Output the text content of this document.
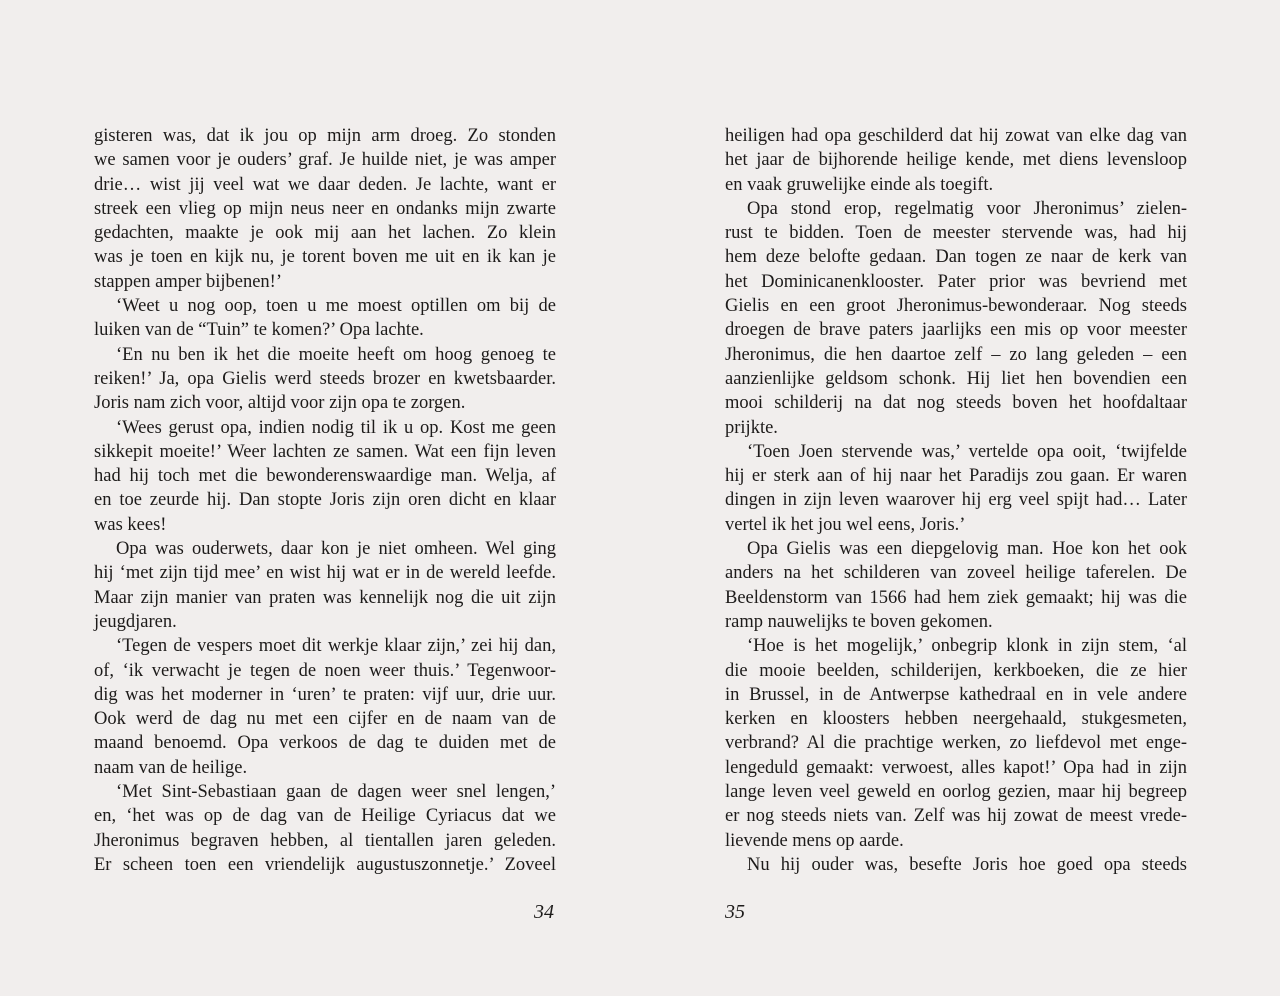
gisteren was, dat ik jou op mijn arm droeg. Zo stonden
we samen voor je ouders’ graf. Je huilde niet, je was amper
drie… wist jij veel wat we daar deden. Je lachte, want er
streek een vlieg op mijn neus neer en ondanks mijn zwarte
gedachten, maakte je ook mij aan het lachen. Zo klein
was je toen en kijk nu, je torent boven me uit en ik kan je
stappen amper bijbenen!’
‘Weet u nog oop, toen u me moest optillen om bij de
luiken van de “Tuin” te komen?’ Opa lachte.
‘En nu ben ik het die moeite heeft om hoog genoeg te
reiken!’ Ja, opa Gielis werd steeds brozer en kwetsbaarder.
Joris nam zich voor, altijd voor zijn opa te zorgen.
‘Wees gerust opa, indien nodig til ik u op. Kost me geen
sikkepit moeite!’ Weer lachten ze samen. Wat een fijn leven
had hij toch met die bewonderenswaardige man. Welja, af
en toe zeurde hij. Dan stopte Joris zijn oren dicht en klaar
was kees!
Opa was ouderwets, daar kon je niet omheen. Wel ging
hij ‘met zijn tijd mee’ en wist hij wat er in de wereld leefde.
Maar zijn manier van praten was kennelijk nog die uit zijn
jeugdjaren.
‘Tegen de vespers moet dit werkje klaar zijn,’ zei hij dan,
of, ‘ik verwacht je tegen de noen weer thuis.’ Tegenwoor-
dig was het moderner in ‘uren’ te praten: vijf uur, drie uur.
Ook werd de dag nu met een cijfer en de naam van de
maand benoemd. Opa verkoos de dag te duiden met de
naam van de heilige.
‘Met Sint-Sebastiaan gaan de dagen weer snel lengen,’
en, ‘het was op de dag van de Heilige Cyriacus dat we
Jheronimus begraven hebben, al tientallen jaren geleden.
Er scheen toen een vriendelijk augustuszonnetje.’ Zoveel
heiligen had opa geschilderd dat hij zowat van elke dag van
het jaar de bijhorende heilige kende, met diens levensloop
en vaak gruwelijke einde als toegift.
Opa stond erop, regelmatig voor Jheronimus’ zielen-
rust te bidden. Toen de meester stervende was, had hij
hem deze belofte gedaan. Dan togen ze naar de kerk van
het Dominicanenklooster. Pater prior was bevriend met
Gielis en een groot Jheronimus-bewonderaar. Nog steeds
droegen de brave paters jaarlijks een mis op voor meester
Jheronimus, die hen daartoe zelf – zo lang geleden – een
aanzienlijke geldsom schonk. Hij liet hen bovendien een
mooi schilderij na dat nog steeds boven het hoofdaltaar
prijkte.
‘Toen Joen stervende was,’ vertelde opa ooit, ‘twijfelde
hij er sterk aan of hij naar het Paradijs zou gaan. Er waren
dingen in zijn leven waarover hij erg veel spijt had… Later
vertel ik het jou wel eens, Joris.’
Opa Gielis was een diepgelovig man. Hoe kon het ook
anders na het schilderen van zoveel heilige taferelen. De
Beeldenstorm van 1566 had hem ziek gemaakt; hij was die
ramp nauwelijks te boven gekomen.
‘Hoe is het mogelijk,’ onbegrip klonk in zijn stem, ‘al
die mooie beelden, schilderijen, kerkboeken, die ze hier
in Brussel, in de Antwerpse kathedraal en in vele andere
kerken en kloosters hebben neergehaald, stukgesmeten,
verbrand? Al die prachtige werken, zo liefdevol met enge-
lengeduld gemaakt: verwoest, alles kapot!’ Opa had in zijn
lange leven veel geweld en oorlog gezien, maar hij begreep
er nog steeds niets van. Zelf was hij zowat de meest vrede-
lievende mens op aarde.
Nu hij ouder was, besefte Joris hoe goed opa steeds
34	35
